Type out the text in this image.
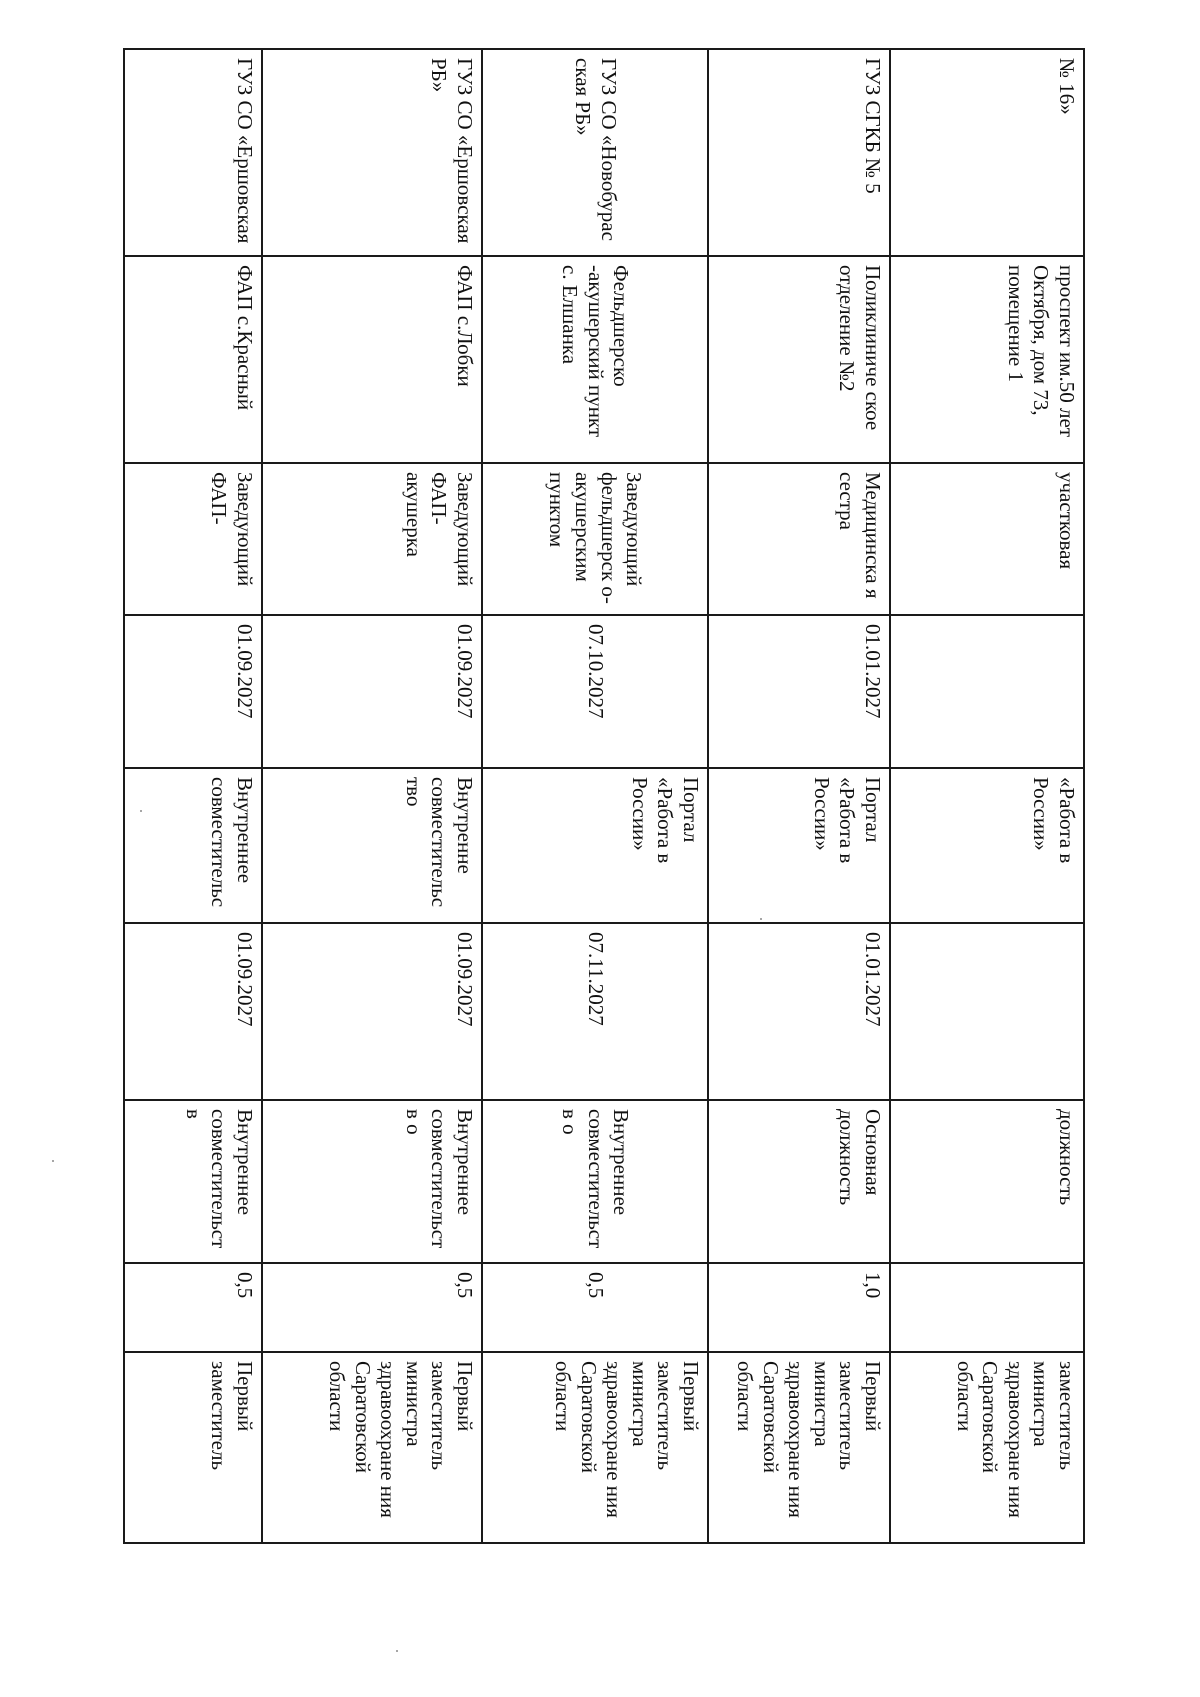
№ 16»	проспект им.50 лет Октября, дом 73, помещение 1	участковая		«Работа в России»		должность		заместитель министра здравоохране ния Саратовской области

ГУЗ СГКБ № 5	Поликлиниче ское отделение №2	Медицинска я сестра	01.01.2027	Портал «Работа в России»	01.01.2027	Основная должность	1,0	Первый заместитель министра здравоохране ния Саратовской области

ГУЗ СО «Новобурас ская РБ»	Фельдшерско -акушерский пункт с. Елшанка	Заведующий фельдшерск о- акушерским пунктом	07.10.2027	Портал «Работа в России»	07.11.2027	Внутреннее совместительств о	0,5	Первый заместитель министра здравоохране ния Саратовской области

ГУЗ СО «Ершовская РБ»	ФАП с.Лобки	Заведующий ФАП- акушерка	01.09.2027	Внутренне совместительс тво	01.09.2027	Внутреннее совместительств о	0,5	Первый заместитель министра здравоохране ния Саратовской области

ГУЗ СО «Ершовская	ФАП с.Красный	Заведующий ФАП-	01.09.2027	Внутреннее совместительс	01.09.2027	Внутреннее совместительств	0,5	Первый заместитель
